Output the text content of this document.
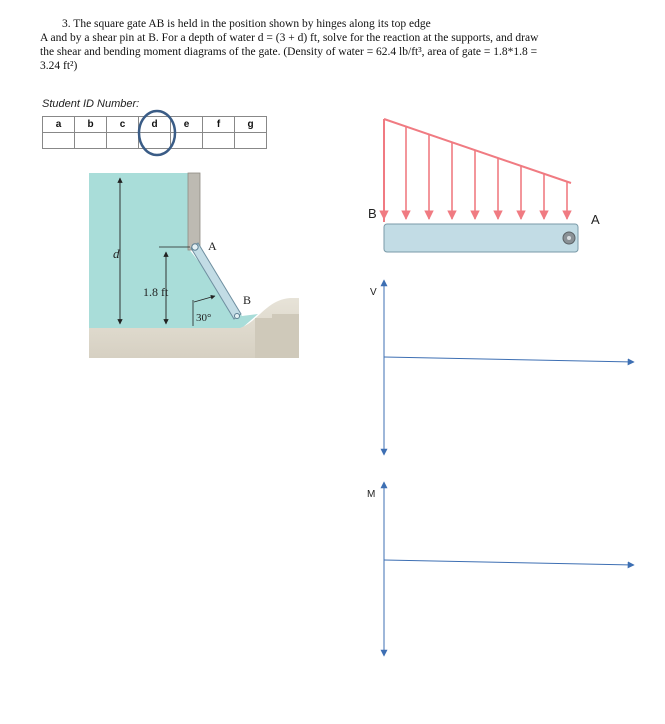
3. The square gate AB is held in the position shown by hinges along its top edge

A and by a shear pin at B. For a depth of water d = (3 + d) ft, solve for the reaction at the supports, and draw

the shear and bending moment diagrams of the gate. (Density of water = 62.4 lb/ft³, area of gate = 1.8*1.8 =

3.24 ft²)

Student ID Number:
a	b	c	d	e	f	g

d	A
B
1.8 ft
30°
B	A
V
M
